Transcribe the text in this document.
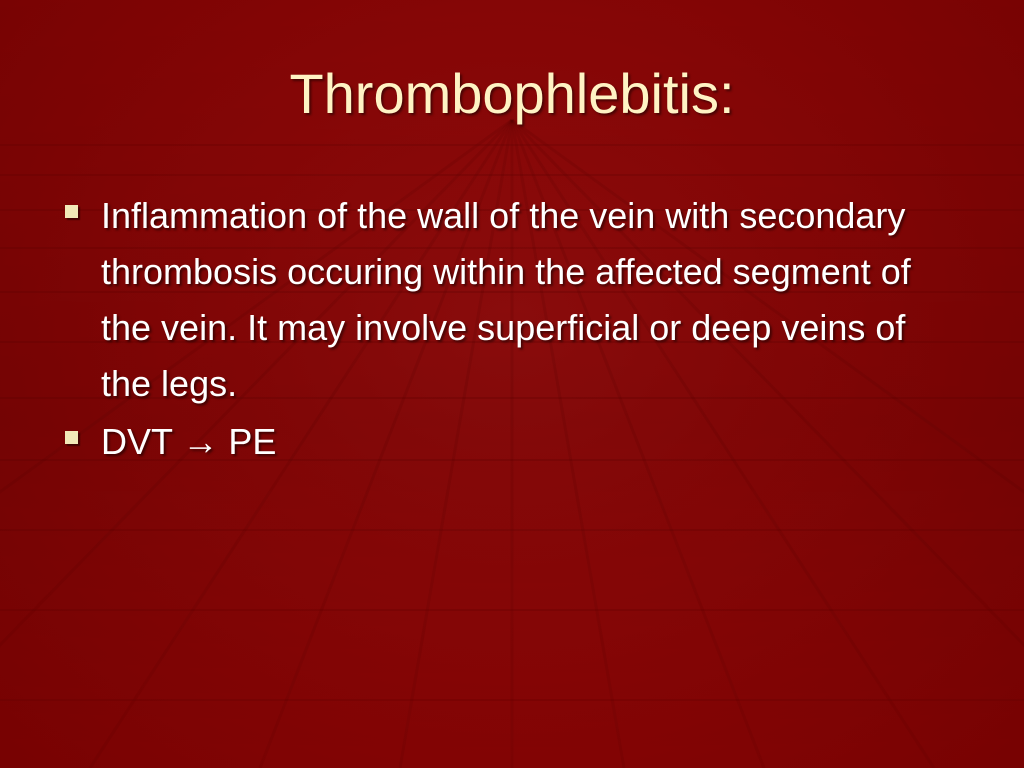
Thrombophlebitis:
Inflammation of the wall of the vein with secondary thrombosis occuring within the affected segment of the vein. It may involve superficial or deep veins of the legs.
DVT → PE
